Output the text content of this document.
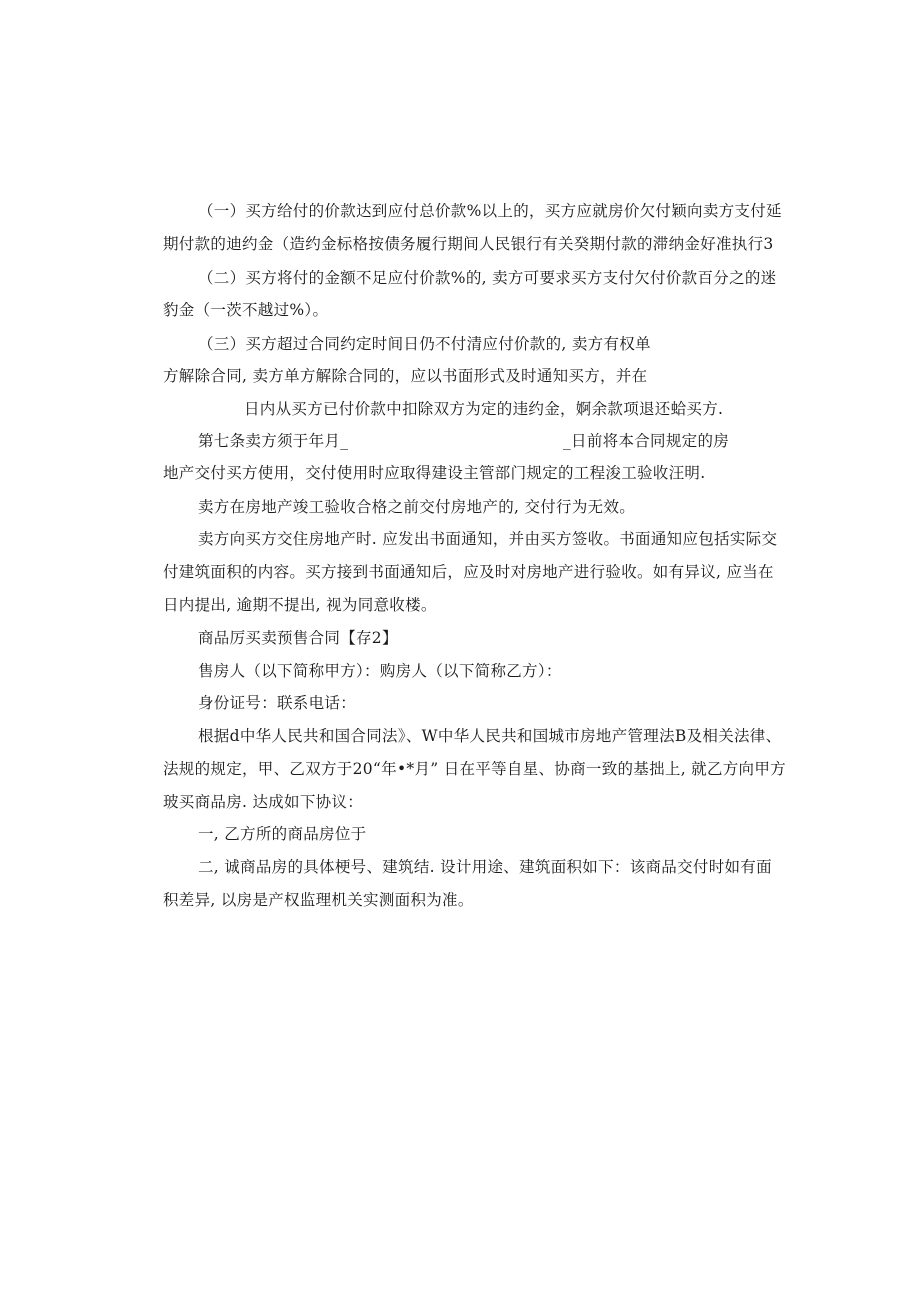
（一）买方给付的价款达到应付总价款%以上的，买方应就房价欠付颖向卖方支付延
期付款的迪约金（造约金标格按债务履行期间人民银行有关癸期付款的滞纳金好准执行3
（二）买方将付的金额不足应付价款%的, 卖方可要求买方支付欠付价款百分之的迷
豹金（一茨不越过%）。
（三）买方超过合同约定时间日仍不付清应付价款的, 卖方有权单
方解除合同, 卖方单方解除合同的，应以书面形式及时通知买方，并在
日内从买方已付价款中扣除双方为定的违约金，婀余款项退还蛤买方.
第七条卖方须于年月_	_日前将本合同规定的房
地产交付买方使用，交付使用时应取得建设主管部门规定的工程浚工验收汪明.
卖方在房地产竣工验收合格之前交付房地产的, 交付行为无效。
卖方向买方交住房地产时. 应发出书面通知，并由买方签收。书面通知应包括实际交
付建筑面积的内容。买方接到书面通知后，应及时对房地产进行验收。如有异议, 应当在
日内提出, 逾期不提出, 视为同意收楼。
商品厉买卖预售合同【存2】
售房人（以下简称甲方）：购房人（以下简称乙方）：
身份证号：联系电话：
根据d中华人民共和国合同法》、W中华人民共和国城市房地产管理法B及相关法律、
法规的规定，甲、乙双方于20“年•*月” 日在平等自星、协商一致的基拙上, 就乙方向甲方
玻买商品房. 达成如下协议：
一, 乙方所的商品房位于
二, 诚商品房的具体梗号、建筑结. 设计用途、建筑面积如下：该商品交付时如有面
积差异, 以房是产权监理机关实测面积为准。
